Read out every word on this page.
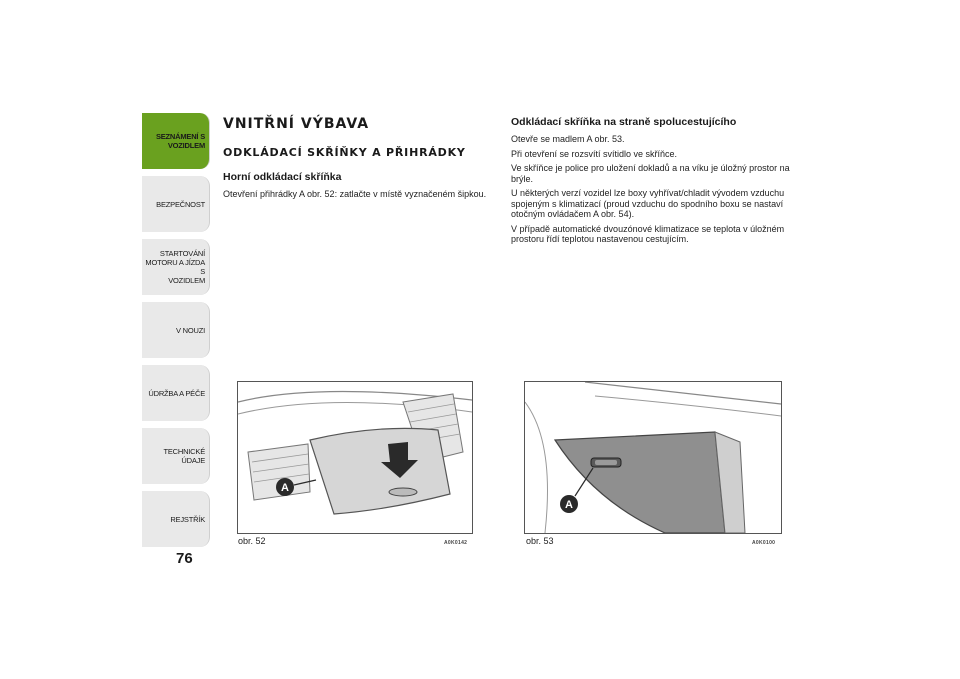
SEZNÁMENÍ S
VOZIDLEM
BEZPEČNOST
STARTOVÁNÍ
MOTORU A JÍZDA S
VOZIDLEM
V NOUZI
ÚDRŽBA A PÉČE
TECHNICKÉ ÚDAJE
REJSTŘÍK
76
VNITŘNÍ VÝBAVA
ODKLÁDACÍ SKŘÍŇKY A PŘIHRÁDKY
Horní odkládací skříňka
Otevření přihrádky A obr. 52: zatlačte v místě vyznačeném šipkou.
Odkládací skříňka na straně spolucestujícího
Otevře se madlem A obr. 53.
Při otevření se rozsvítí svítidlo ve skříňce.
Ve skříňce je police pro uložení dokladů a na víku je úložný prostor na brýle.
U některých verzí vozidel lze boxy vyhřívat/chladit vývodem vzduchu spojeným s klimatizací (proud vzduchu do spodního boxu se nastaví otočným ovládačem A obr. 54).
V případě automatické dvouzónové klimatizace se teplota v úložném prostoru řídí teplotou nastavenou cestujícím.
A
obr. 52	A0K0142
A
obr. 53	A0K0100
